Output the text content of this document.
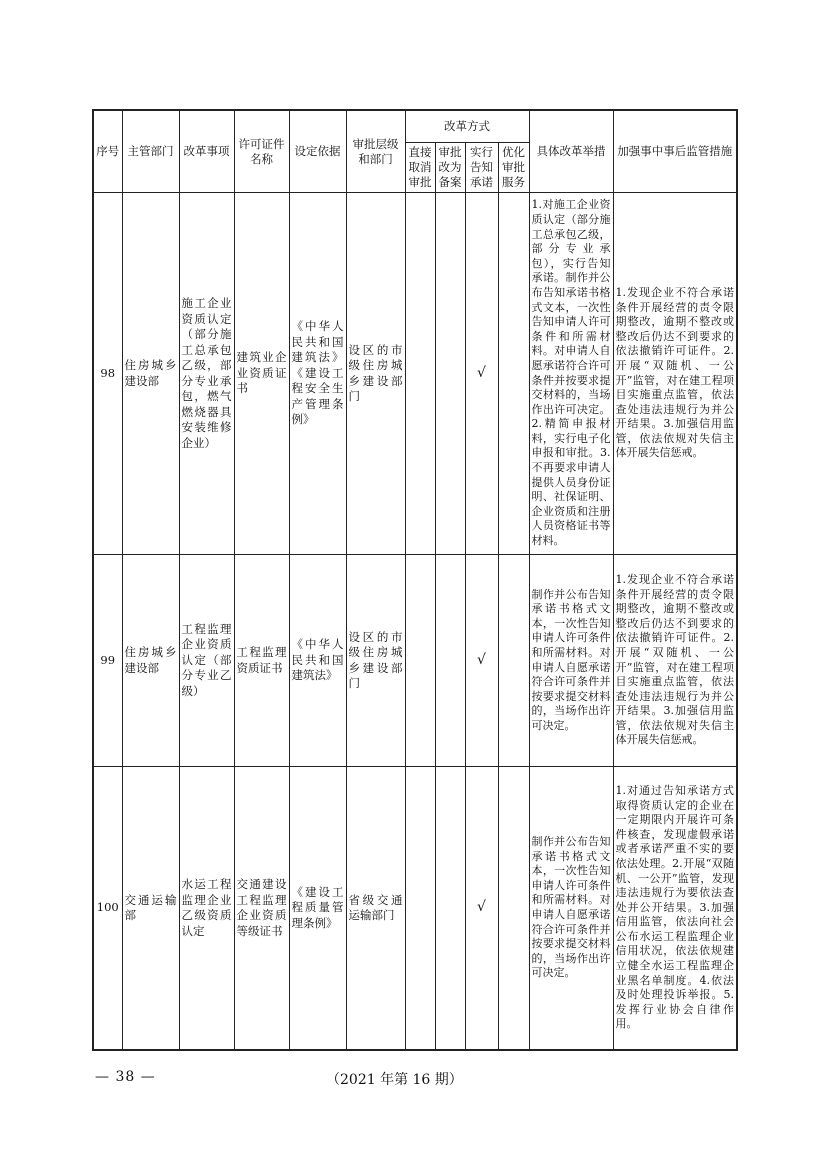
序号	主管部门	改革事项	许可证件名称	设定依据	审批层级和部门	改革方式				具体改革举措	加强事中事后监管措施
						直接取消审批	审批改为备案	实行告知承诺	优化审批服务		
98	住房城乡建设部	施工企业资质认定（部分施工总承包乙级，部分专业承包，燃气燃烧器具安装维修企业）	建筑业企业资质证书	《中华人民共和国建筑法》《建设工程安全生产管理条例》	设区的市级住房城乡建设部门			√		1.对施工企业资质认定（部分施工总承包乙级，部分专业承包），实行告知承诺。制作并公布告知承诺书格式文本，一次性告知申请人许可条件和所需材料。对申请人自愿承诺符合许可条件并按要求提交材料的，当场作出许可决定。2.精简申报材料，实行电子化申报和审批。3.不再要求申请人提供人员身份证明、社保证明、企业资质和注册人员资格证书等材料。	1.发现企业不符合承诺条件开展经营的责令限期整改，逾期不整改或整改后仍达不到要求的依法撤销许可证件。2.开展“双随机、一公开”监管，对在建工程项目实施重点监管，依法查处违法违规行为并公开结果。3.加强信用监管，依法依规对失信主体开展失信惩戒。
99	住房城乡建设部	工程监理企业资质认定（部分专业乙级）	工程监理资质证书	《中华人民共和国建筑法》	设区的市级住房城乡建设部门			√		制作并公布告知承诺书格式文本，一次性告知申请人许可条件和所需材料。对申请人自愿承诺符合许可条件并按要求提交材料的，当场作出许可决定。	1.发现企业不符合承诺条件开展经营的责令限期整改，逾期不整改或整改后仍达不到要求的依法撤销许可证件。2.开展“双随机、一公开”监管，对在建工程项目实施重点监管，依法查处违法违规行为并公开结果。3.加强信用监管，依法依规对失信主体开展失信惩戒。
100	交通运输部	水运工程监理企业乙级资质认定	交通建设工程监理企业资质等级证书	《建设工程质量管理条例》	省级交通运输部门			√		制作并公布告知承诺书格式文本，一次性告知申请人许可条件和所需材料。对申请人自愿承诺符合许可条件并按要求提交材料的，当场作出许可决定。	1.对通过告知承诺方式取得资质认定的企业在一定期限内开展许可条件核查，发现虚假承诺或者承诺严重不实的要依法处理。2.开展“双随机、一公开”监管，发现违法违规行为要依法查处并公开结果。3.加强信用监管，依法向社会公布水运工程监理企业信用状况，依法依规建立健全水运工程监理企业黑名单制度。4.依法及时处理投诉举报。5.发挥行业协会自律作用。
— 38 —	（2021 年第 16 期）
